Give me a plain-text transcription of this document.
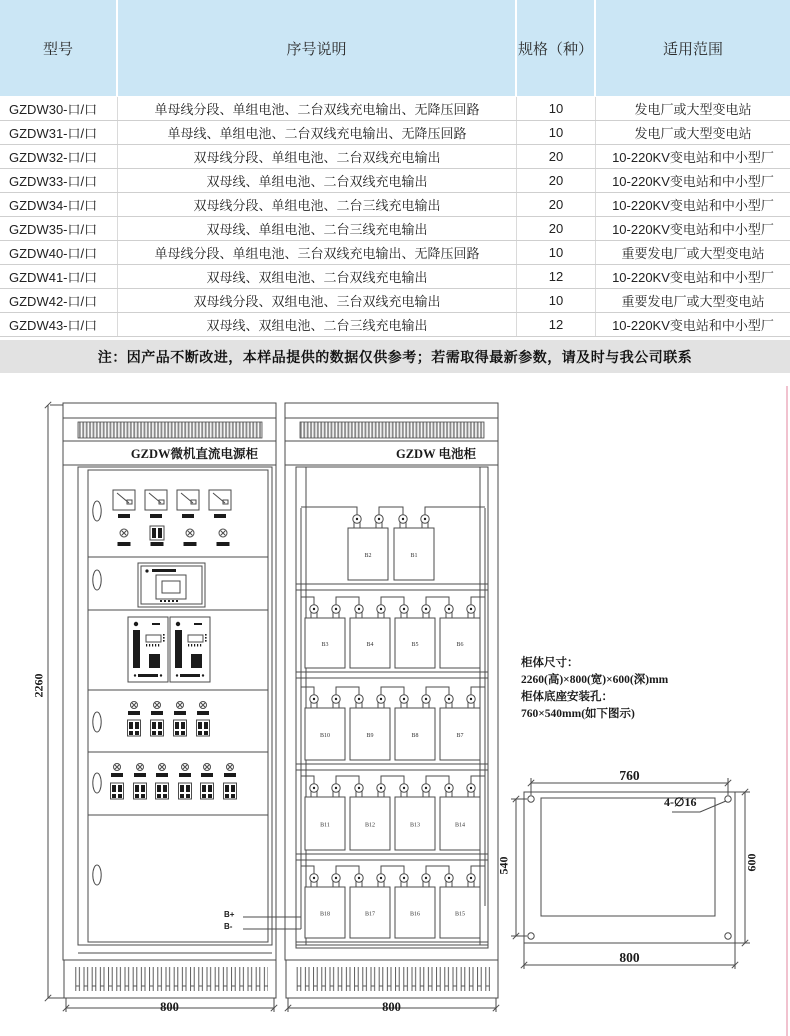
型号	序号说明	规格（种）	适用范围
GZDW30-口/口	单母线分段、单组电池、二台双线充电输出、无降压回路	10	发电厂或大型变电站
GZDW31-口/口	单母线、单组电池、二台双线充电输出、无降压回路	10	发电厂或大型变电站
GZDW32-口/口	双母线分段、单组电池、二台双线充电输出	20	10-220KV变电站和中小型厂
GZDW33-口/口	双母线、单组电池、二台双线充电输出	20	10-220KV变电站和中小型厂
GZDW34-口/口	双母线分段、单组电池、二台三线充电输出	20	10-220KV变电站和中小型厂
GZDW35-口/口	双母线、单组电池、二台三线充电输出	20	10-220KV变电站和中小型厂
GZDW40-口/口	单母线分段、单组电池、三台双线充电输出、无降压回路	10	重要发电厂或大型变电站
GZDW41-口/口	双母线、双组电池、二台双线充电输出	12	10-220KV变电站和中小型厂
GZDW42-口/口	双母线分段、双组电池、三台双线充电输出	10	重要发电厂或大型变电站
GZDW43-口/口	双母线、双组电池、二台三线充电输出	12	10-220KV变电站和中小型厂
注：因产品不断改进，本样品提供的数据仅供参考；若需取得最新参数，请及时与我公司联系
B2	B1
B3	B4	B5	B6
B10	B9	B8	B7
B11	B12	B13	B14
B18	B17	B16	B15
GZDW微机直流电源柜	GZDW 电池柜
2260
800	800
B+
B-
柜体尺寸：
2260(高)×800(宽)×600(深)mm
柜体底座安装孔：
760×540mm(如下图示)
760
800
540	600
4-∅16
